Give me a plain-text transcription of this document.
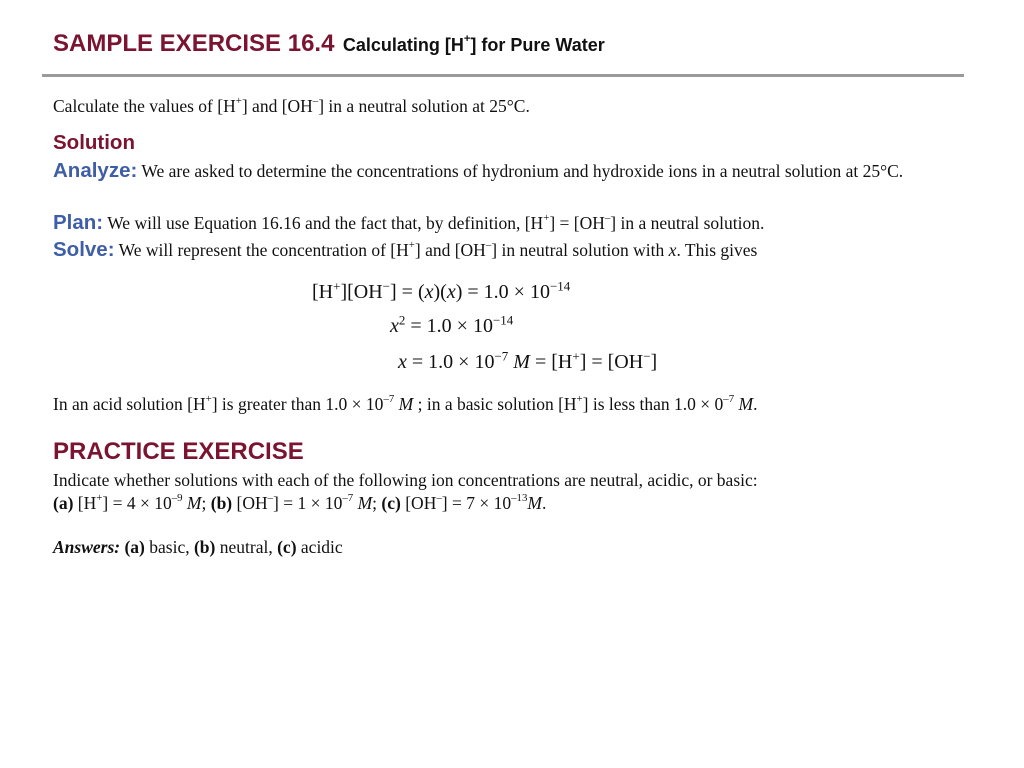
SAMPLE EXERCISE 16.4 Calculating [H+] for Pure Water
Calculate the values of [H+] and [OH–] in a neutral solution at 25°C.
Solution
Analyze: We are asked to determine the concentrations of hydronium and hydroxide ions in a neutral solution at 25°C.
Plan: We will use Equation 16.16 and the fact that, by definition, [H+] = [OH–] in a neutral solution.
Solve: We will represent the concentration of [H+] and [OH–] in neutral solution with x. This gives
$[H^+][OH^-] = (x)(x) = 1.0 \times 10^{-14}$
$x^2 = 1.0 \times 10^{-14}$
$x = 1.0 \times 10^{-7}$ M = [H+] = [OH−]
In an acid solution [H+] is greater than $1.0 \times 10^{-7}$ M ; in a basic solution [H+] is less than $1.0 \times 0^{-7}$ M.
PRACTICE EXERCISE
Indicate whether solutions with each of the following ion concentrations are neutral, acidic, or basic:
(a) $[H^+] = 4 \times 10^{-9}$ M; (b) $[OH^-] = 1 \times 10^{-7}$ M; (c) $[OH^-] = 7 \times 10^{-13}M$.
Answers: (a) basic, (b) neutral, (c) acidic
